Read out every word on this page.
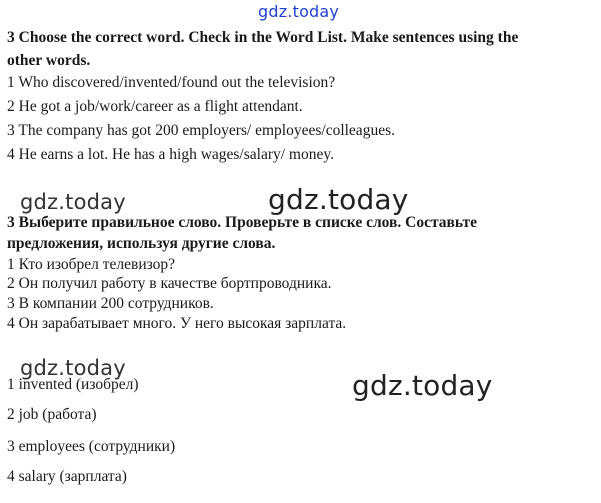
gdz.today
3 Choose the correct word. Check in the Word List. Make sentences using the
other words.
1 Who discovered/invented/found out the television?
2 He got a job/work/career as a flight attendant.
3 The company has got 200 employers/ employees/colleagues.
4 He earns a lot. He has a high wages/salary/ money.
gdz.today	gdz.today
3 Выберите правильное слово. Проверьте в списке слов. Составьте
предложения, используя другие слова.
1 Кто изобрел телевизор?
2 Он получил работу в качестве бортпроводника.
3 В компании 200 сотрудников.
4 Он зарабатывает много. У него высокая зарплата.
gdz.today
gdz.today
1 invented (изобрел)
2 job (работа)
3 employees (сотрудники)
4 salary (зарплата)
